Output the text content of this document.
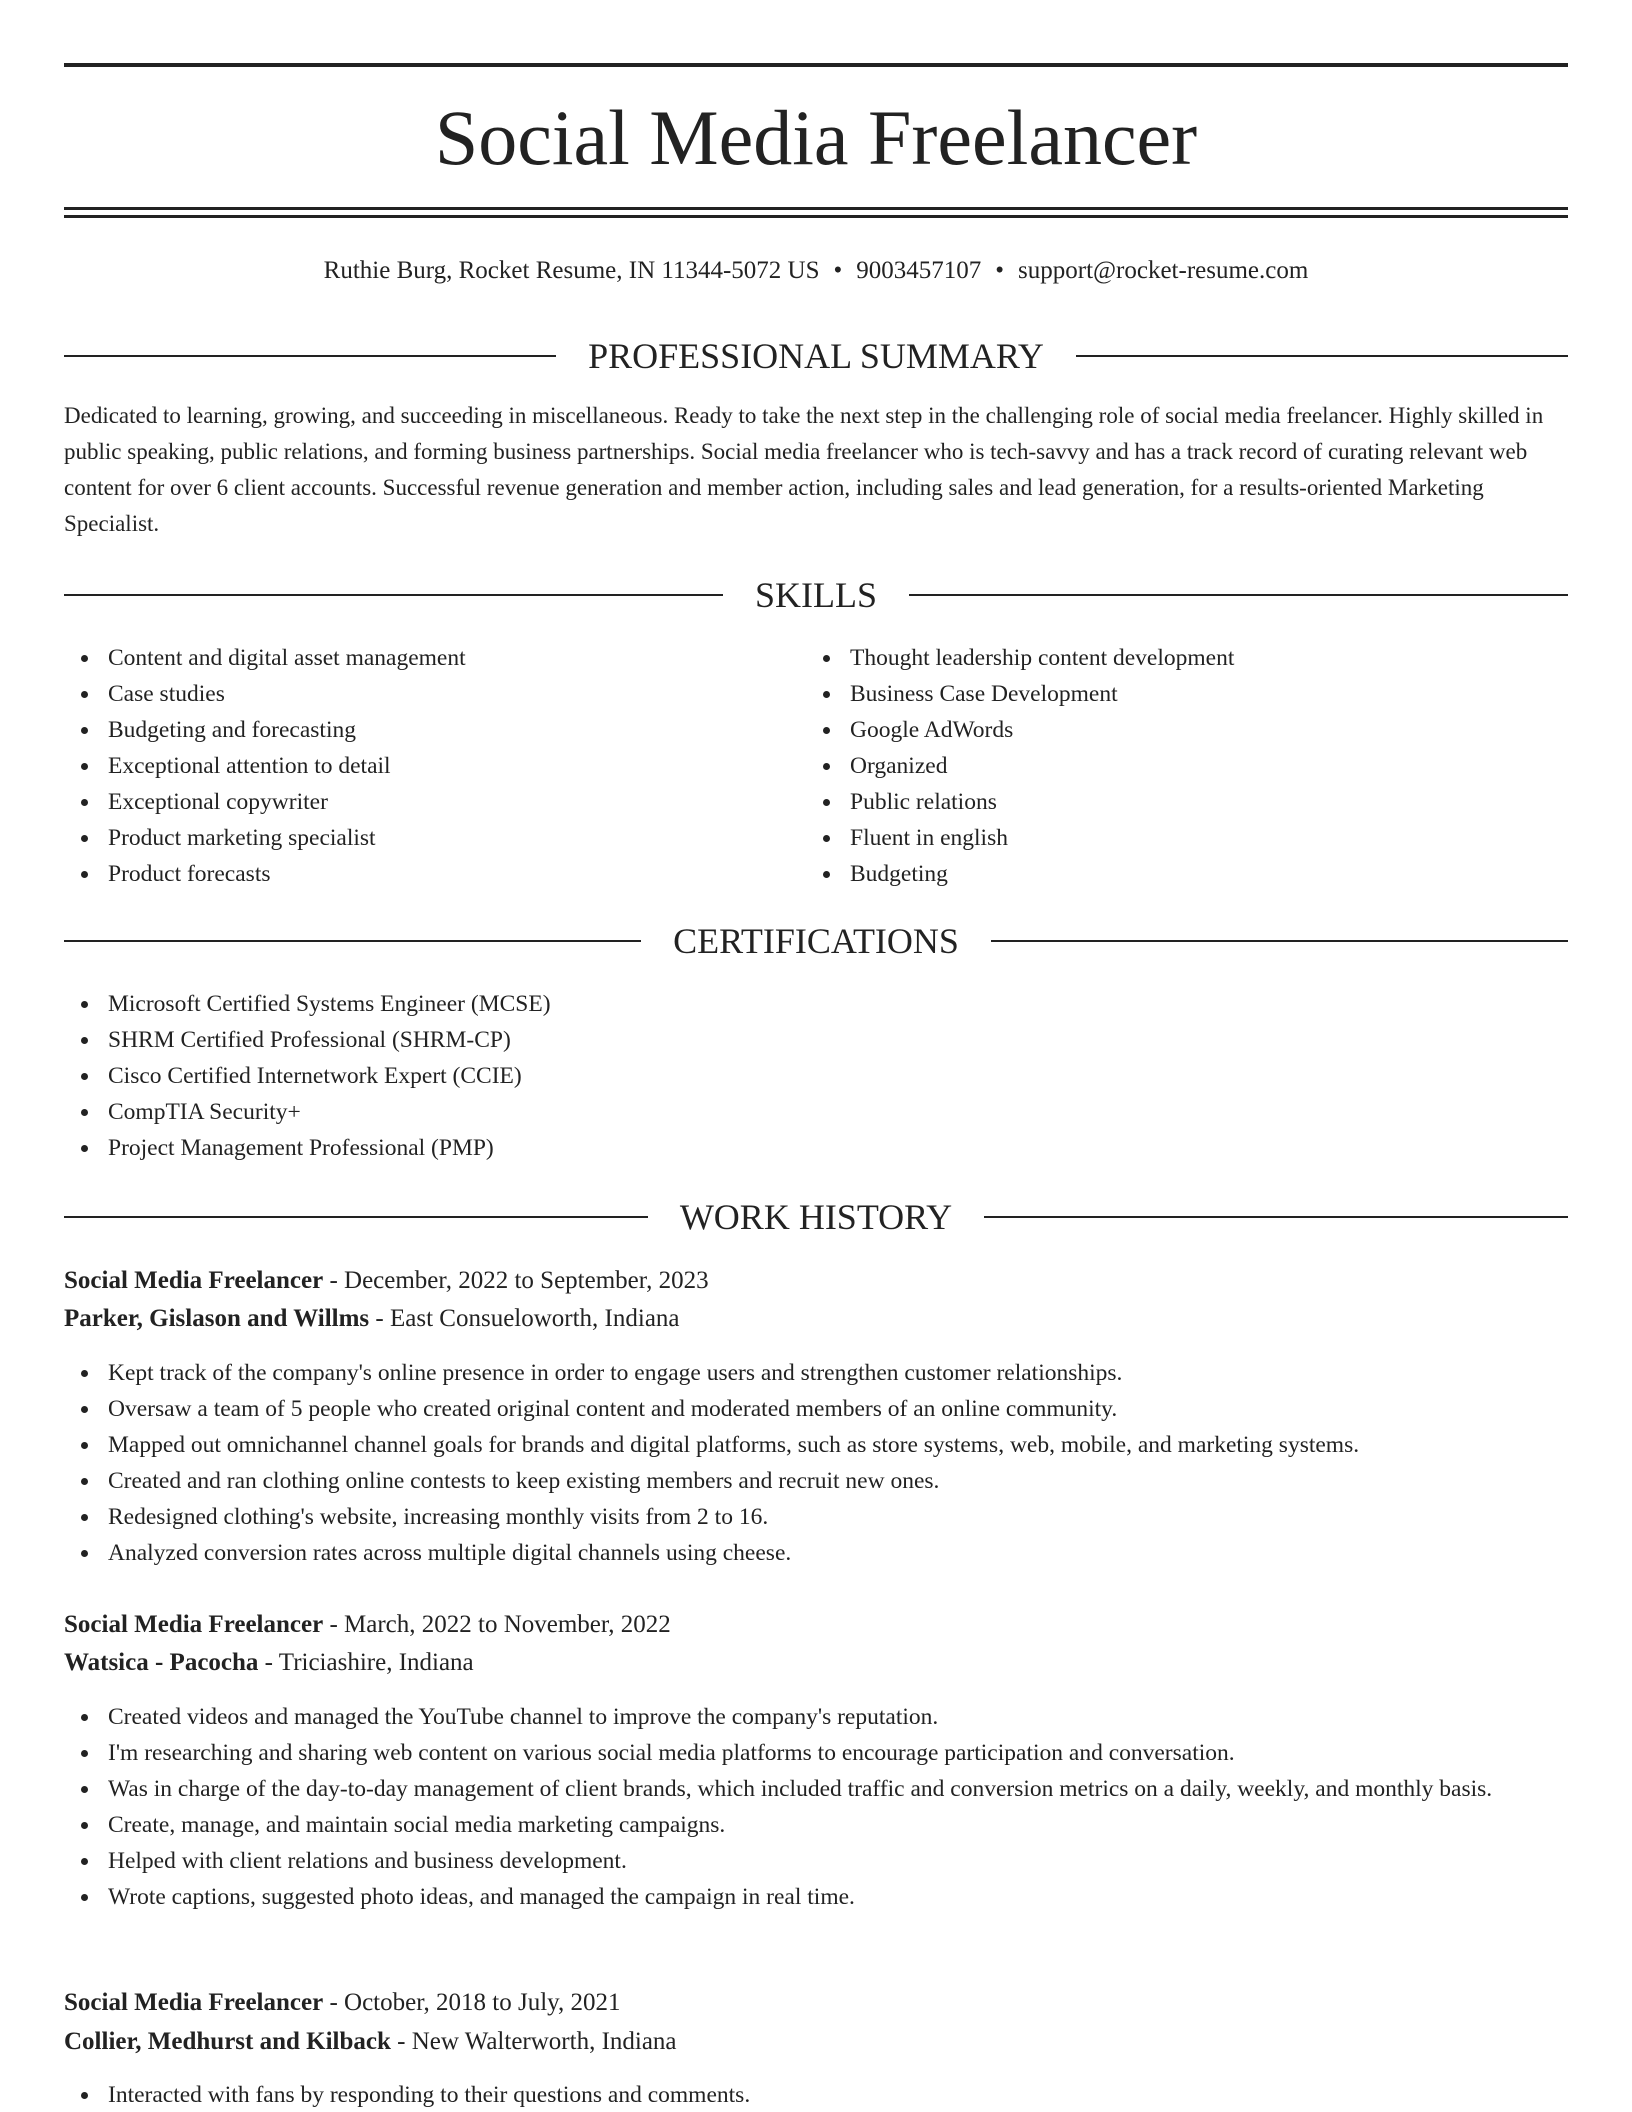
Social Media Freelancer
Ruthie Burg, Rocket Resume, IN 11344-5072 US • 9003457107 • support@rocket-resume.com
PROFESSIONAL SUMMARY

Dedicated to learning, growing, and succeeding in miscellaneous. Ready to take the next step in the challenging role of social media freelancer. Highly skilled in public speaking, public relations, and forming business partnerships. Social media freelancer who is tech-savvy and has a track record of curating relevant web content for over 6 client accounts. Successful revenue generation and member action, including sales and lead generation, for a results-oriented Marketing Specialist.

SKILLS
Content and digital asset management
Case studies
Budgeting and forecasting
Exceptional attention to detail
Exceptional copywriter
Product marketing specialist
Product forecasts
Thought leadership content development
Business Case Development
Google AdWords
Organized
Public relations
Fluent in english
Budgeting
CERTIFICATIONS
Microsoft Certified Systems Engineer (MCSE)
SHRM Certified Professional (SHRM-CP)
Cisco Certified Internetwork Expert (CCIE)
CompTIA Security+
Project Management Professional (PMP)
WORK HISTORY
Social Media Freelancer - December, 2022 to September, 2023
Parker, Gislason and Willms - East Consueloworth, Indiana
Kept track of the company's online presence in order to engage users and strengthen customer relationships.
Oversaw a team of 5 people who created original content and moderated members of an online community.
Mapped out omnichannel channel goals for brands and digital platforms, such as store systems, web, mobile, and marketing systems.
Created and ran clothing online contests to keep existing members and recruit new ones.
Redesigned clothing's website, increasing monthly visits from 2 to 16.
Analyzed conversion rates across multiple digital channels using cheese.
Social Media Freelancer - March, 2022 to November, 2022
Watsica - Pacocha - Triciashire, Indiana
Created videos and managed the YouTube channel to improve the company's reputation.
I'm researching and sharing web content on various social media platforms to encourage participation and conversation.
Was in charge of the day-to-day management of client brands, which included traffic and conversion metrics on a daily, weekly, and monthly basis.
Create, manage, and maintain social media marketing campaigns.
Helped with client relations and business development.
Wrote captions, suggested photo ideas, and managed the campaign in real time.
Social Media Freelancer - October, 2018 to July, 2021
Collier, Medhurst and Kilback - New Walterworth, Indiana
Interacted with fans by responding to their questions and comments.
